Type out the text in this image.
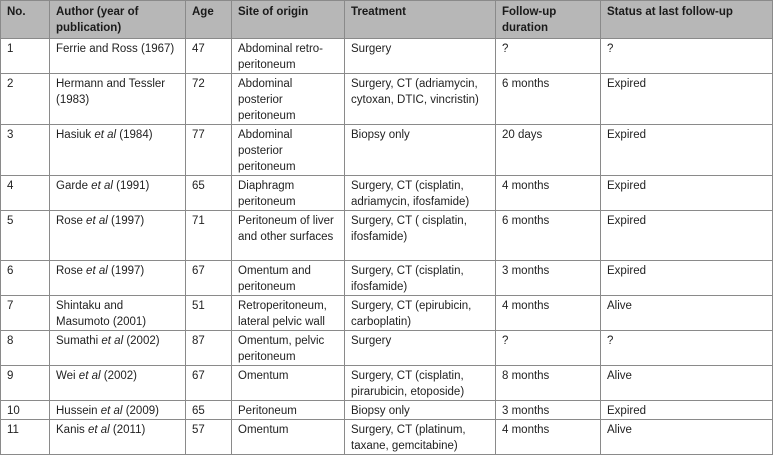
No.	Author (year of publication)	Age	Site of origin	Treatment	Follow-up duration	Status at last follow-up
1	Ferrie and Ross (1967)	47	Abdominal retro-peritoneum	Surgery	?	?
2	Hermann and Tessler (1983)	72	Abdominal posterior peritoneum	Surgery, CT (adriamycin, cytoxan, DTIC, vincristin)	6 months	Expired
3	Hasiuk et al (1984)	77	Abdominal posterior peritoneum	Biopsy only	20 days	Expired
4	Garde et al (1991)	65	Diaphragm peritoneum	Surgery, CT (cisplatin, adriamycin, ifosfamide)	4 months	Expired
5	Rose et al (1997)	71	Peritoneum of liver and other surfaces	Surgery, CT ( cisplatin, ifosfamide)	6 months	Expired
6	Rose et al (1997)	67	Omentum and peritoneum	Surgery, CT (cisplatin, ifosfamide)	3 months	Expired
7	Shintaku and Masumoto (2001)	51	Retroperitoneum, lateral pelvic wall	Surgery, CT (epirubicin, carboplatin)	4 months	Alive
8	Sumathi et al (2002)	87	Omentum, pelvic peritoneum	Surgery	?	?
9	Wei et al (2002)	67	Omentum	Surgery, CT (cisplatin, pirarubicin, etoposide)	8 months	Alive
10	Hussein et al (2009)	65	Peritoneum	Biopsy only	3 months	Expired
11	Kanis et al (2011)	57	Omentum	Surgery, CT (platinum, taxane, gemcitabine)	4 months	Alive
